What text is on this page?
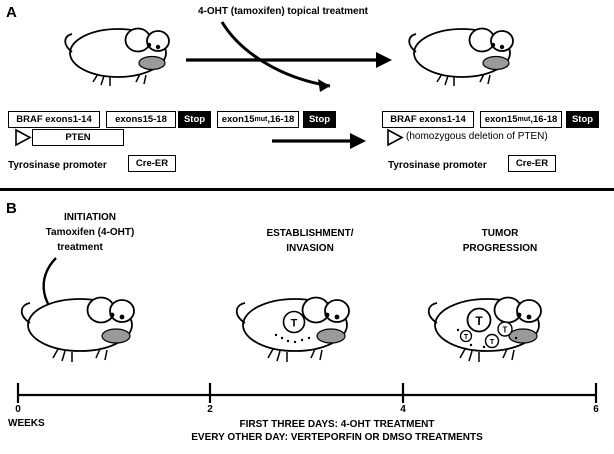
A	4-OHT (tamoxifen) topical treatment
BRAF exons1-14	exons15-18	Stop	exon15 mut ,16-18	Stop
PTEN
Tyrosinase promoter	Cre-ER
BRAF exons1-14	exon15 mut ,16-18	Stop
(homozygous deletion of PTEN)
Tyrosinase promoter	Cre-ER
B
INITIATION
Tamoxifen (4-OHT)
treatment
ESTABLISHMENT/
INVASION
TUMOR
PROGRESSION
T	T
T
T
T
0	2	4	6
WEEKS	FIRST THREE DAYS: 4-OHT TREATMENT
EVERY OTHER DAY: VERTEPORFIN OR DMSO TREATMENTS
